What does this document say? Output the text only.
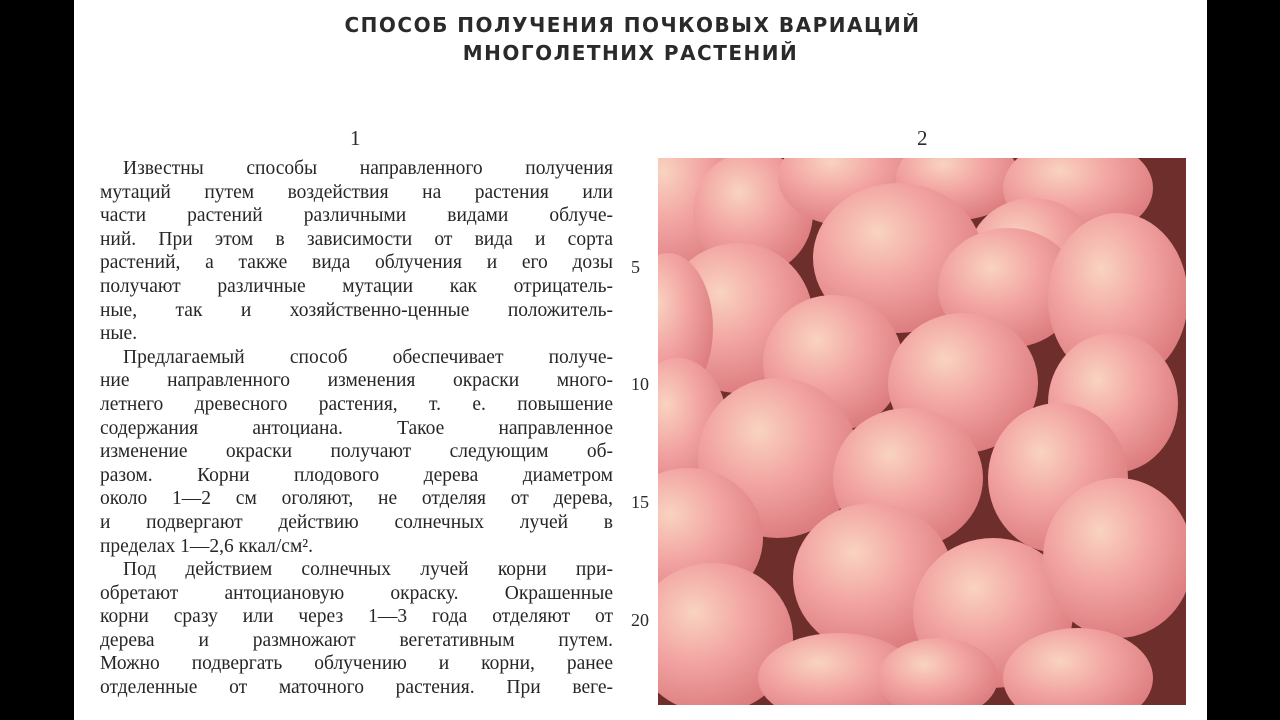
СПОСОБ ПОЛУЧЕНИЯ ПОЧКОВЫХ ВАРИАЦИЙ
МНОГОЛЕТНИХ РАСТЕНИЙ
1	2
Известны способы направленного получения
мутаций путем воздействия на растения или
части растений различными видами облуче-
ний. При этом в зависимости от вида и сорта
растений, а также вида облучения и его дозы
получают различные мутации как отрицатель-
ные, так и хозяйственно-ценные положитель-
ные.
Предлагаемый способ обеспечивает получе-
ние направленного изменения окраски много-
летнего древесного растения, т. е. повышение
содержания антоциана. Такое направленное
изменение окраски получают следующим об-
разом. Корни плодового дерева диаметром
около 1—2 см оголяют, не отделяя от дерева,
и подвергают действию солнечных лучей в
пределах 1—2,6 ккал/см².
Под действием солнечных лучей корни при-
обретают антоциановую окраску. Окрашенные
корни сразу или через 1—3 года отделяют от
дерева и размножают вегетативным путем.
Можно подвергать облучению и корни, ранее
отделенные от маточного растения. При веге-
5
10
15
20
